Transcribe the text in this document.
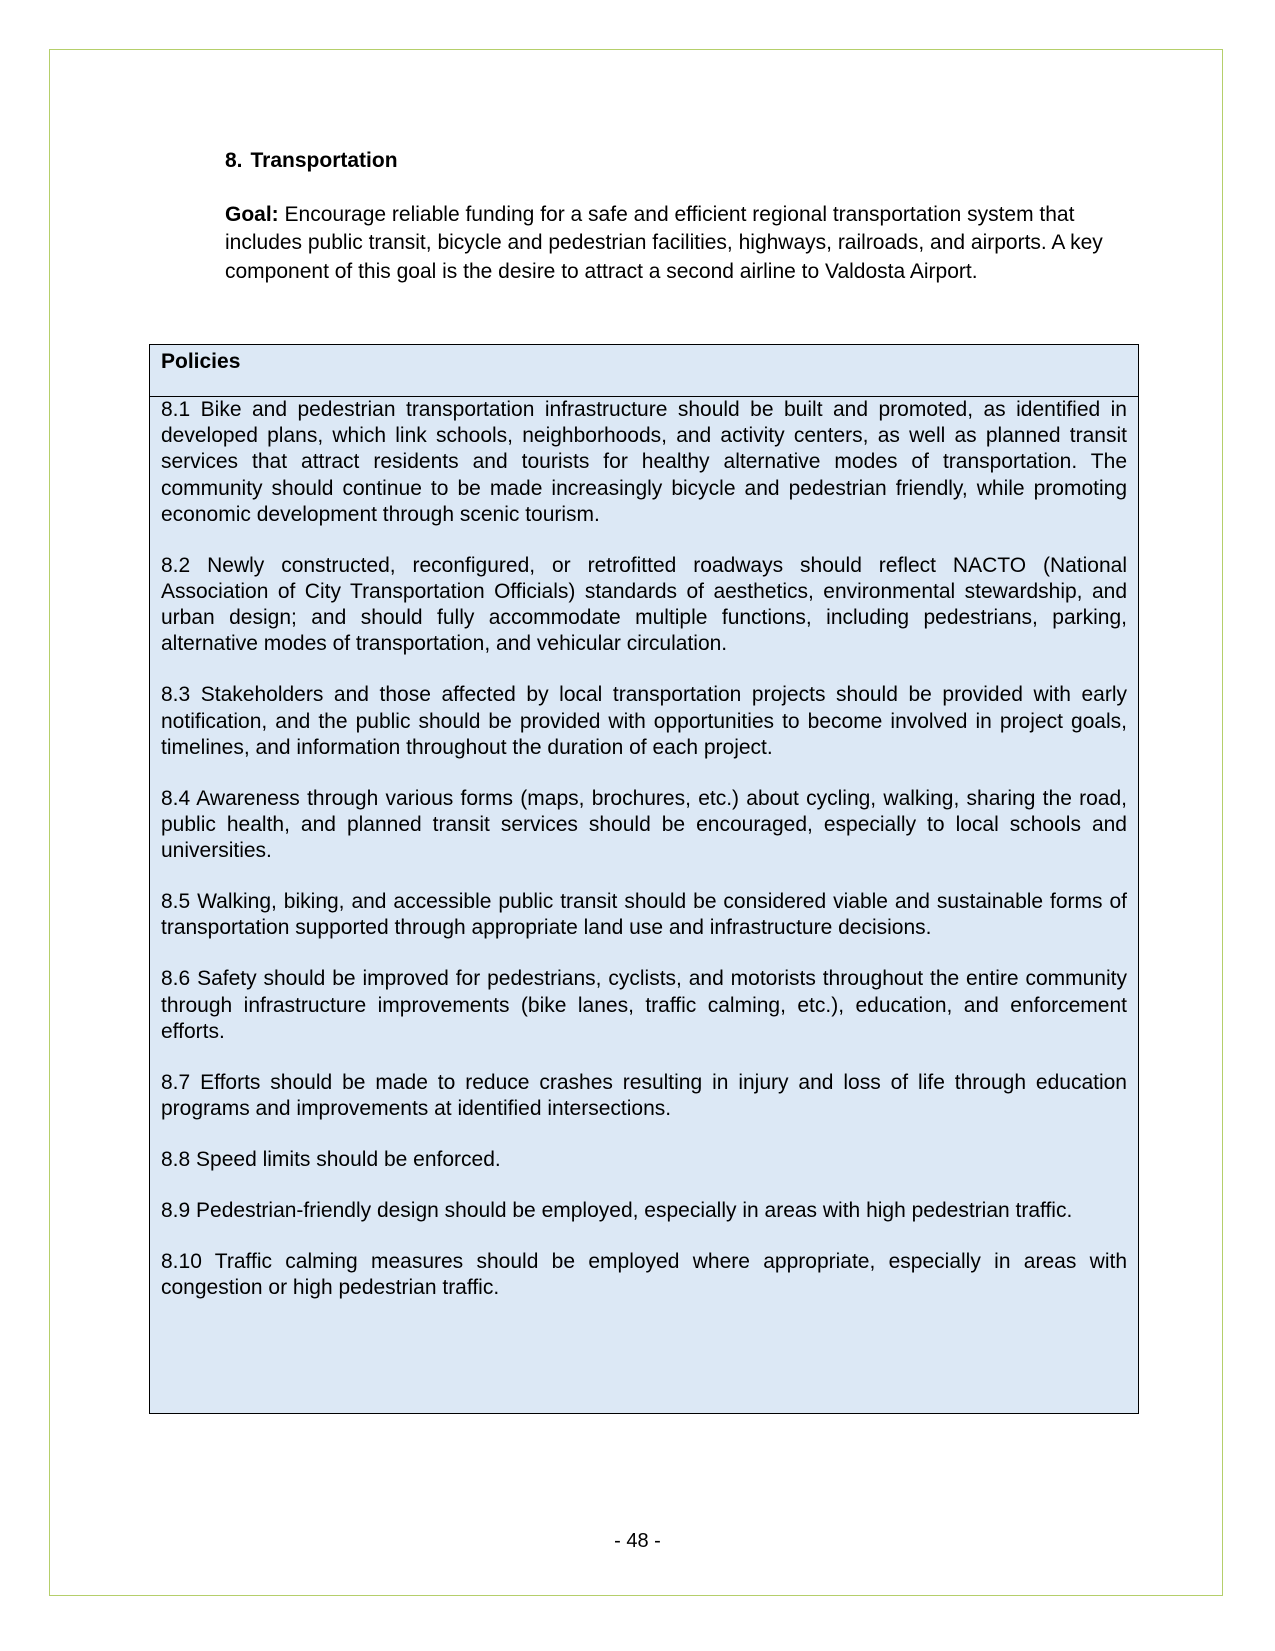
8. Transportation
Goal: Encourage reliable funding for a safe and efficient regional transportation system that includes public transit, bicycle and pedestrian facilities, highways, railroads, and airports. A key component of this goal is the desire to attract a second airline to Valdosta Airport.
Policies

8.1 Bike and pedestrian transportation infrastructure should be built and promoted, as identified in developed plans, which link schools, neighborhoods, and activity centers, as well as planned transit services that attract residents and tourists for healthy alternative modes of transportation. The community should continue to be made increasingly bicycle and pedestrian friendly, while promoting economic development through scenic tourism.

8.2 Newly constructed, reconfigured, or retrofitted roadways should reflect NACTO (National Association of City Transportation Officials) standards of aesthetics, environmental stewardship, and urban design; and should fully accommodate multiple functions, including pedestrians, parking, alternative modes of transportation, and vehicular circulation.

8.3 Stakeholders and those affected by local transportation projects should be provided with early notification, and the public should be provided with opportunities to become involved in project goals, timelines, and information throughout the duration of each project.

8.4 Awareness through various forms (maps, brochures, etc.) about cycling, walking, sharing the road, public health, and planned transit services should be encouraged, especially to local schools and universities.

8.5 Walking, biking, and accessible public transit should be considered viable and sustainable forms of transportation supported through appropriate land use and infrastructure decisions.

8.6 Safety should be improved for pedestrians, cyclists, and motorists throughout the entire community through infrastructure improvements (bike lanes, traffic calming, etc.), education, and enforcement efforts.

8.7 Efforts should be made to reduce crashes resulting in injury and loss of life through education programs and improvements at identified intersections.

8.8 Speed limits should be enforced.

8.9 Pedestrian-friendly design should be employed, especially in areas with high pedestrian traffic.

8.10 Traffic calming measures should be employed where appropriate, especially in areas with congestion or high pedestrian traffic.

- 48 -
